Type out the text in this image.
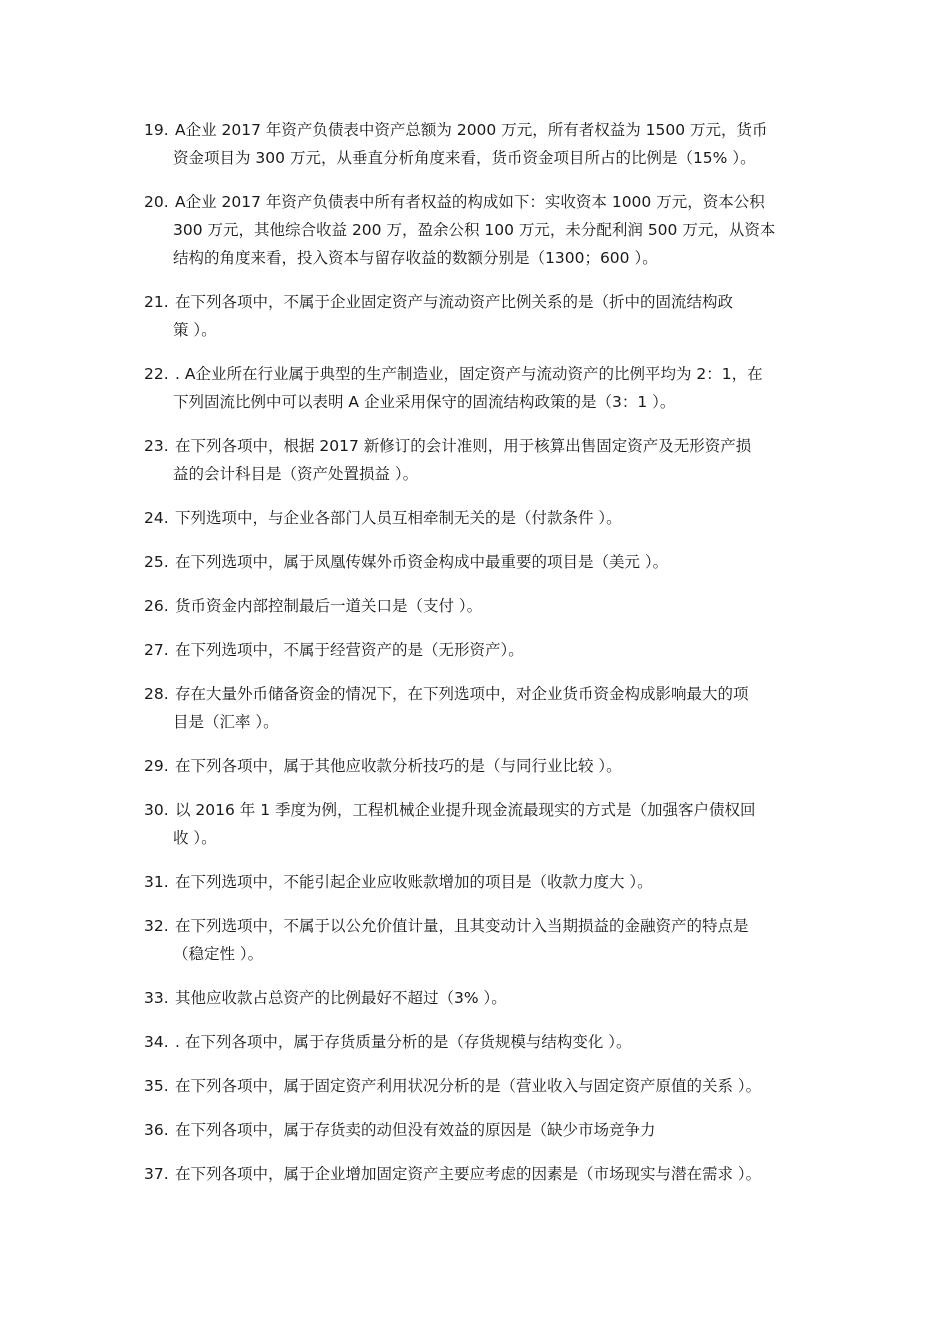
19. A企业 2017 年资产负债表中资产总额为 2000 万元，所有者权益为 1500 万元，货币
资金项目为 300 万元，从垂直分析角度来看，货币资金项目所占的比例是（15% ）。
20. A企业 2017 年资产负债表中所有者权益的构成如下：实收资本 1000 万元，资本公积
300 万元，其他综合收益 200 万，盈余公积 100 万元，未分配利润 500 万元，从资本
结构的角度来看，投入资本与留存收益的数额分别是（1300；600 ）。
21. 在下列各项中，不属于企业固定资产与流动资产比例关系的是（折中的固流结构政
策 ）。
22. . A企业所在行业属于典型的生产制造业，固定资产与流动资产的比例平均为 2：1，在
下列固流比例中可以表明 A 企业采用保守的固流结构政策的是（3：1 ）。
23. 在下列各项中，根据 2017 新修订的会计准则，用于核算出售固定资产及无形资产损
益的会计科目是（资产处置损益 ）。
24. 下列选项中，与企业各部门人员互相牵制无关的是（付款条件 ）。
25. 在下列选项中，属于凤凰传媒外币资金构成中最重要的项目是（美元 ）。
26. 货币资金内部控制最后一道关口是（支付 ）。
27. 在下列选项中，不属于经营资产的是（无形资产）。
28. 存在大量外币储备资金的情况下，在下列选项中，对企业货币资金构成影响最大的项
目是（汇率 ）。
29. 在下列各项中，属于其他应收款分析技巧的是（与同行业比较 ）。
30. 以 2016 年 1 季度为例，工程机械企业提升现金流最现实的方式是（加强客户债权回
收 ）。
31. 在下列选项中，不能引起企业应收账款增加的项目是（收款力度大 ）。
32. 在下列选项中，不属于以公允价值计量，且其变动计入当期损益的金融资产的特点是
（稳定性 ）。
33. 其他应收款占总资产的比例最好不超过（3% ）。
34. . 在下列各项中，属于存货质量分析的是（存货规模与结构变化 ）。
35. 在下列各项中，属于固定资产利用状况分析的是（营业收入与固定资产原值的关系 ）。
36. 在下列各项中，属于存货卖的动但没有效益的原因是（缺少市场竞争力
37. 在下列各项中，属于企业增加固定资产主要应考虑的因素是（市场现实与潜在需求 ）。
